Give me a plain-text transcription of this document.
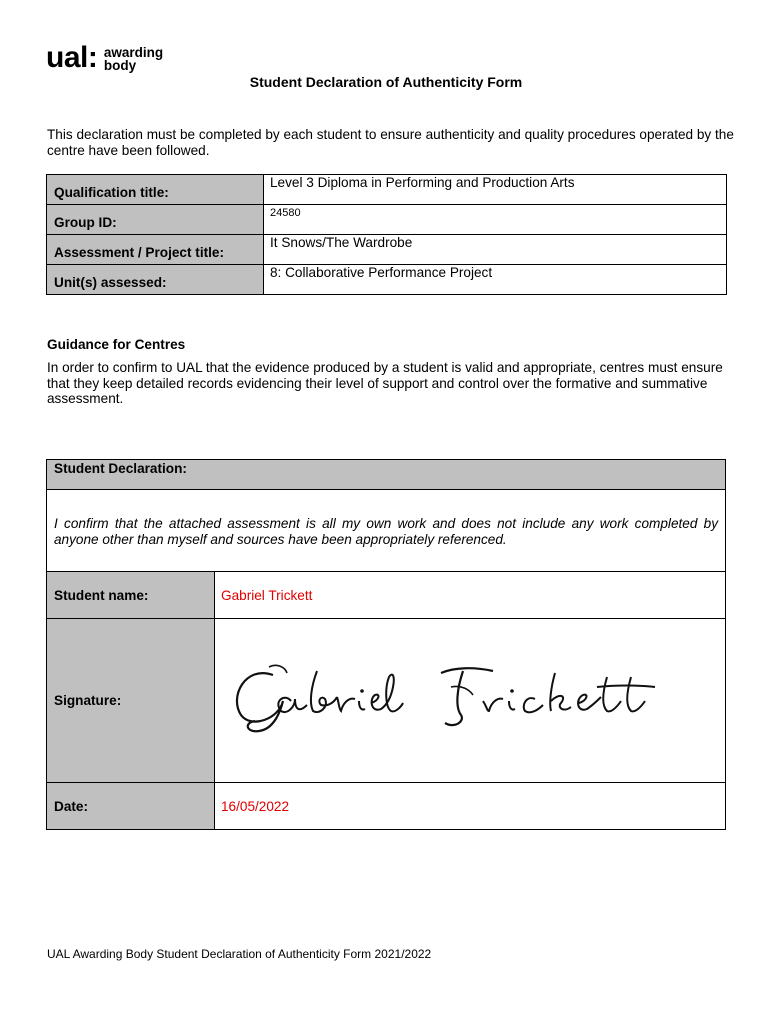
ual : awarding
body
Student Declaration of Authenticity Form
This declaration must be completed by each student to ensure authenticity and quality procedures operated by the centre have been followed.
Qualification title:	Level 3 Diploma in Performing and Production Arts

Group ID:	24580

Assessment / Project title:	It Snows/The Wardrobe

Unit(s) assessed:	8: Collaborative Performance Project
Guidance for Centres
In order to confirm to UAL that the evidence produced by a student is valid and appropriate, centres must ensure that they keep detailed records evidencing their level of support and control over the formative and summative assessment.
Student Declaration:	
I confirm that the attached assessment is all my own work and does not include any work completed by anyone other than myself and sources have been appropriately referenced.	
Student name:	Gabriel Trickett
Signature:	

Date:	16/05/2022
UAL Awarding Body Student Declaration of Authenticity Form 2021/2022
